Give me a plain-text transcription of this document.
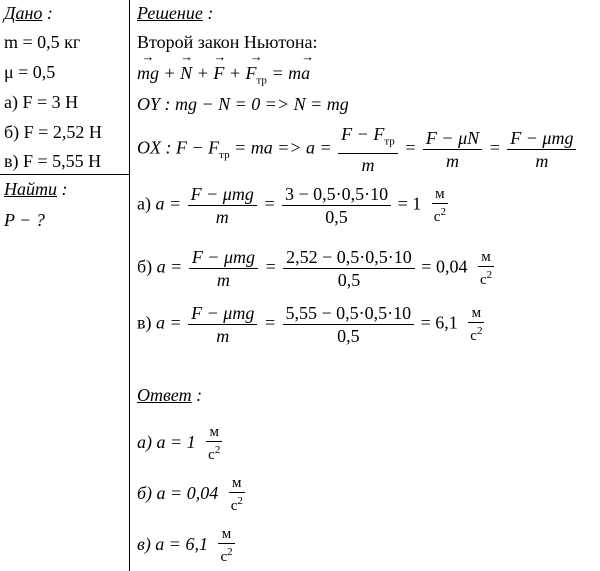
Дано :
m = 0,5 кг
μ = 0,5
а) F = 3 Н
б) F = 2,52 Н
в) F = 5,55 Н
Найти :
P − ?
Решение :
Второй закон Ньютона:
→ mg + → N + → F + → $F_{тр} = m\to a$
OY : mg − N = 0 => N = mg
OX : $F - F_{тр}$ = ma => $a = \frac{F - F_{тр}}{m} = \frac{F - \mu N}{m} = \frac{\text{F − μmg}}{m}$
а) $a = \frac{\text{F − μmg}}{m} = \frac{3 - 0,5\cdot 0,5\cdot 10}{0,5} = 1 \frac{м}{с^2}$
б) $a = \frac{\text{F − μmg}}{m} = \frac{2,52 - 0,5\cdot 0,5\cdot 10}{0,5} = 0,04 \frac{м}{с^2}$
в) $a = \frac{\text{F − μmg}}{m} = \frac{5,55 - 0,5\cdot 0,5\cdot 10}{0,5} = 6,1 \frac{м}{с^2}$
Ответ :
а) $a = 1 \frac{м}{с^2}$
б) $a = 0,04 \frac{м}{с^2}$
в) $a = 6,1 \frac{м}{с^2}$
